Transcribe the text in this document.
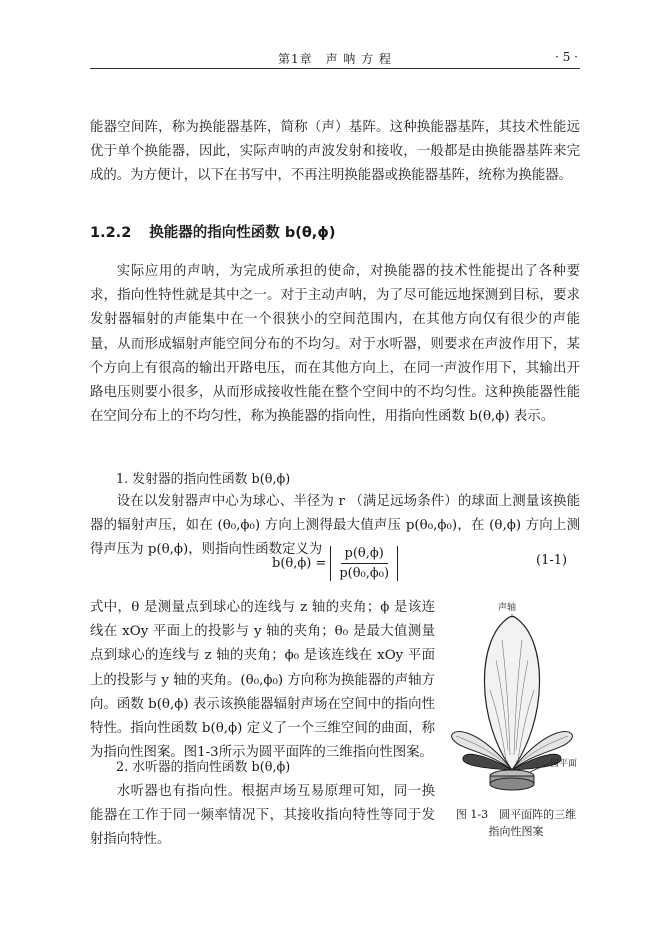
第1章　声 呐 方 程	· 5 ·

能器空间阵，称为换能器基阵，简称（声）基阵。这种换能器基阵，其技术性能远优于单个换能器，因此，实际声呐的声波发射和接收，一般都是由换能器基阵来完成的。为方便计，以下在书写中，不再注明换能器或换能器基阵，统称为换能器。

1.2.2 换能器的指向性函数 b(θ,ϕ)

实际应用的声呐，为完成所承担的使命，对换能器的技术性能提出了各种要求，指向性特性就是其中之一。对于主动声呐，为了尽可能远地探测到目标，要求发射器辐射的声能集中在一个很狭小的空间范围内，在其他方向仅有很少的声能量，从而形成辐射声能空间分布的不均匀。对于水听器，则要求在声波作用下，某个方向上有很高的输出开路电压，而在其他方向上，在同一声波作用下，其输出开路电压则要小很多，从而形成接收性能在整个空间中的不均匀性。这种换能器性能在空间分布上的不均匀性，称为换能器的指向性，用指向性函数 b(θ,ϕ) 表示。

1. 发射器的指向性函数 b(θ,ϕ)

设在以发射器声中心为球心、半径为 r （满足远场条件）的球面上测量该换能器的辐射声压，如在 (θ₀,ϕ₀) 方向上测得最大值声压 p(θ₀,ϕ₀)，在 (θ,ϕ) 方向上测得声压为 p(θ,ϕ)，则指向性函数定义为

$b(\theta,\phi) = \frac{p(\theta,\phi)}{\text{p(θ₀,ϕ₀)}}$	(1-1)

式中，θ 是测量点到球心的连线与 z 轴的夹角；ϕ 是该连线在 xOy 平面上的投影与 y 轴的夹角；θ₀ 是最大值测量点到球心的连线与 z 轴的夹角；ϕ₀ 是该连线在 xOy 平面上的投影与 y 轴的夹角。(θ₀,ϕ₀) 方向称为换能器的声轴方向。函数 b(θ,ϕ) 表示该换能器辐射声场在空间中的指向性特性。指向性函数 b(θ,ϕ) 定义了一个三维空间的曲面，称为指向性图案。图1-3所示为圆平面阵的三维指向性图案。

2. 水听器的指向性函数 b(θ,ϕ)

水听器也有指向性。根据声场互易原理可知，同一换能器在工作于同一频率情况下，其接收指向特性等同于发射指向特性。

声轴
圆平面
图 1-3　圆平面阵的三维
指向性图案
